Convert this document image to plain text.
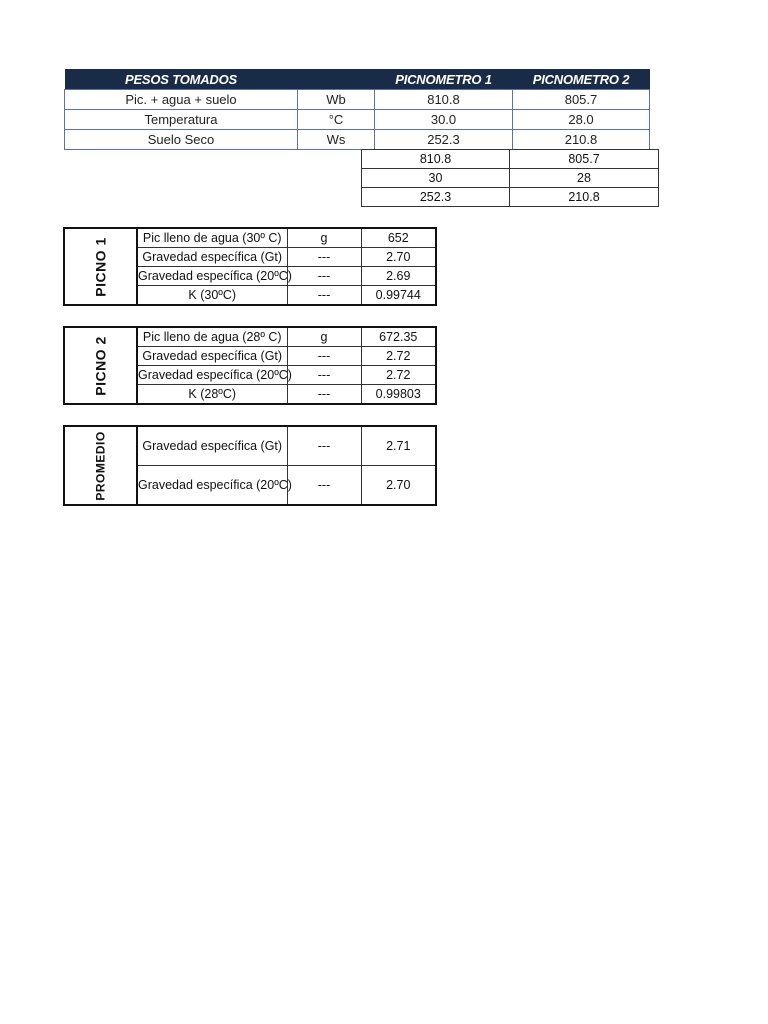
PESOS TOMADOS		PICNOMETRO 1	PICNOMETRO 2
Pic. + agua + suelo	Wb	810.8	805.7
Temperatura	°C	30.0	28.0
Suelo Seco	Ws	252.3	210.8
810.8	805.7
30	28
252.3	210.8
PICNO 1	Pic lleno de agua (30º C)	g	652
	Gravedad específica (Gt)	---	2.70
	Gravedad específica (20ºC)	---	2.69
	K (30ºC)	---	0.99744
PICNO 2	Pic lleno de agua (28º C)	g	672.35
	Gravedad específica (Gt)	---	2.72
	Gravedad específica (20ºC)	---	2.72
	K (28ºC)	---	0.99803
PROMEDIO	Gravedad específica (Gt)	---	2.71
	Gravedad específica (20ºC)	---	2.70
